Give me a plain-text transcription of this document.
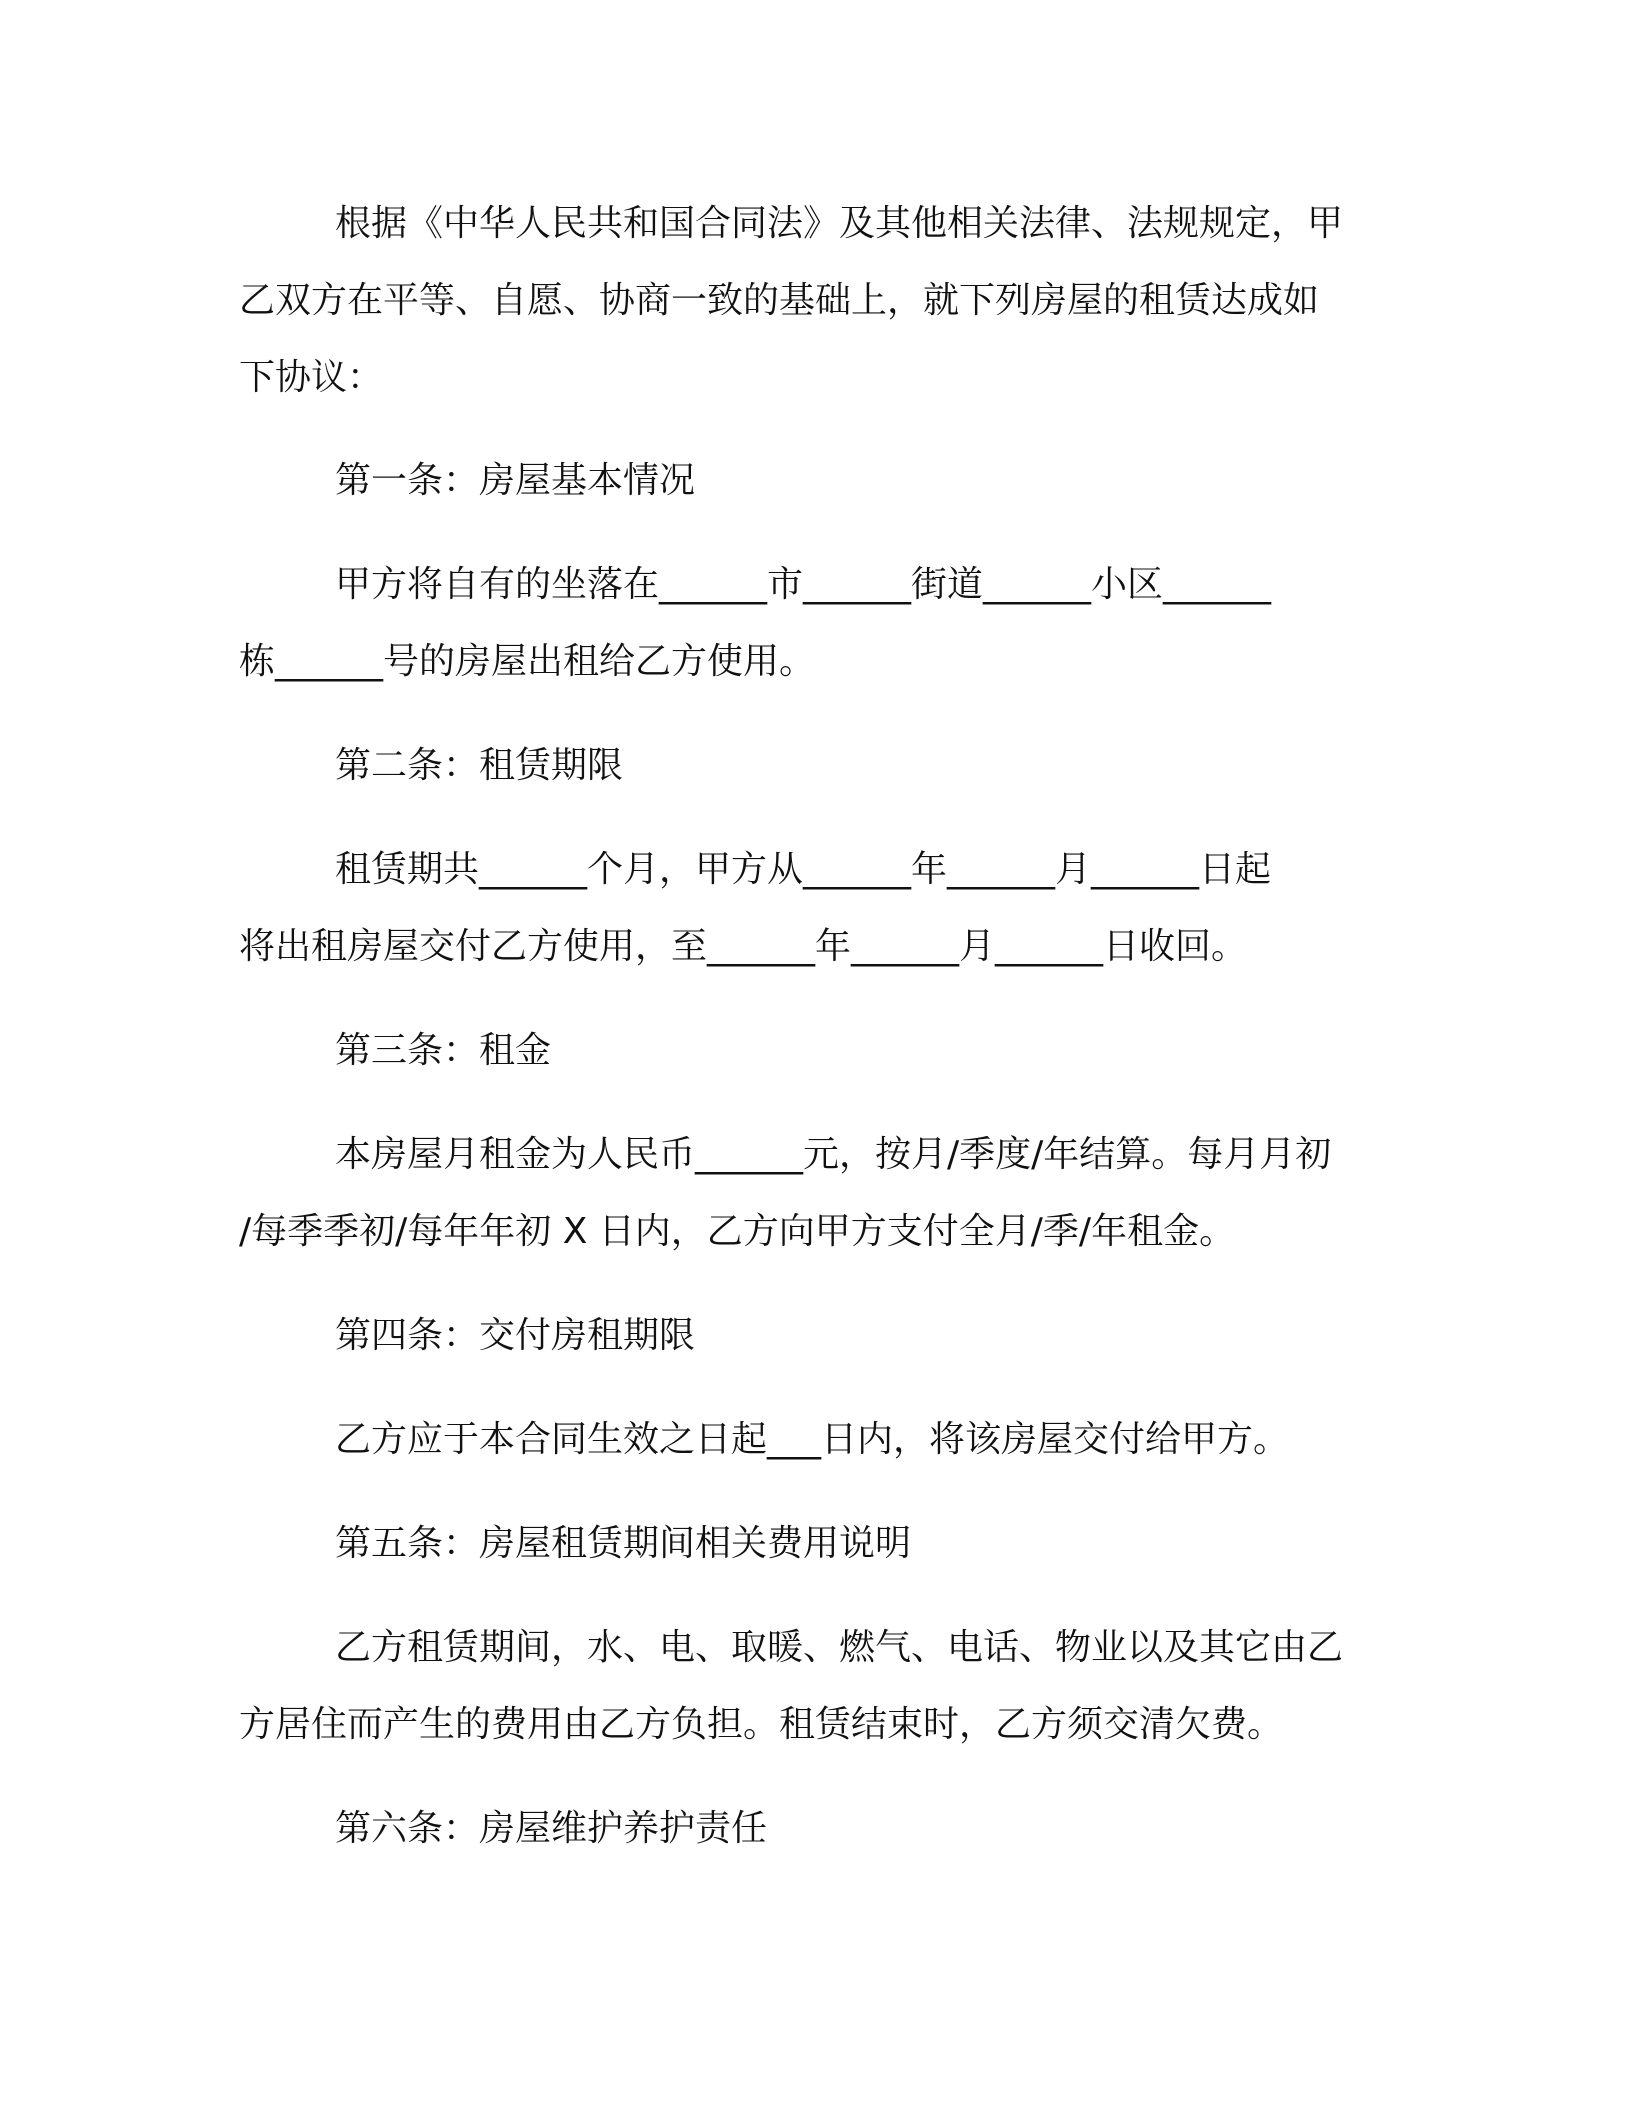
根据《中华人民共和国合同法》及其他相关法律、法规规定，甲
乙双方在平等、自愿、协商一致的基础上，就下列房屋的租赁达成如
下协议：

第一条：房屋基本情况

甲方将自有的坐落在______市______街道______小区______
栋______号的房屋出租给乙方使用。

第二条：租赁期限

租赁期共______个月，甲方从______年______月______日起
将出租房屋交付乙方使用，至______年______月______日收回。

第三条：租金

本房屋月租金为人民币______元，按月/季度/年结算。每月月初
/每季季初/每年年初 X 日内，乙方向甲方支付全月/季/年租金。

第四条：交付房租期限

乙方应于本合同生效之日起___日内，将该房屋交付给甲方。

第五条：房屋租赁期间相关费用说明

乙方租赁期间，水、电、取暖、燃气、电话、物业以及其它由乙
方居住而产生的费用由乙方负担。租赁结束时，乙方须交清欠费。

第六条：房屋维护养护责任
